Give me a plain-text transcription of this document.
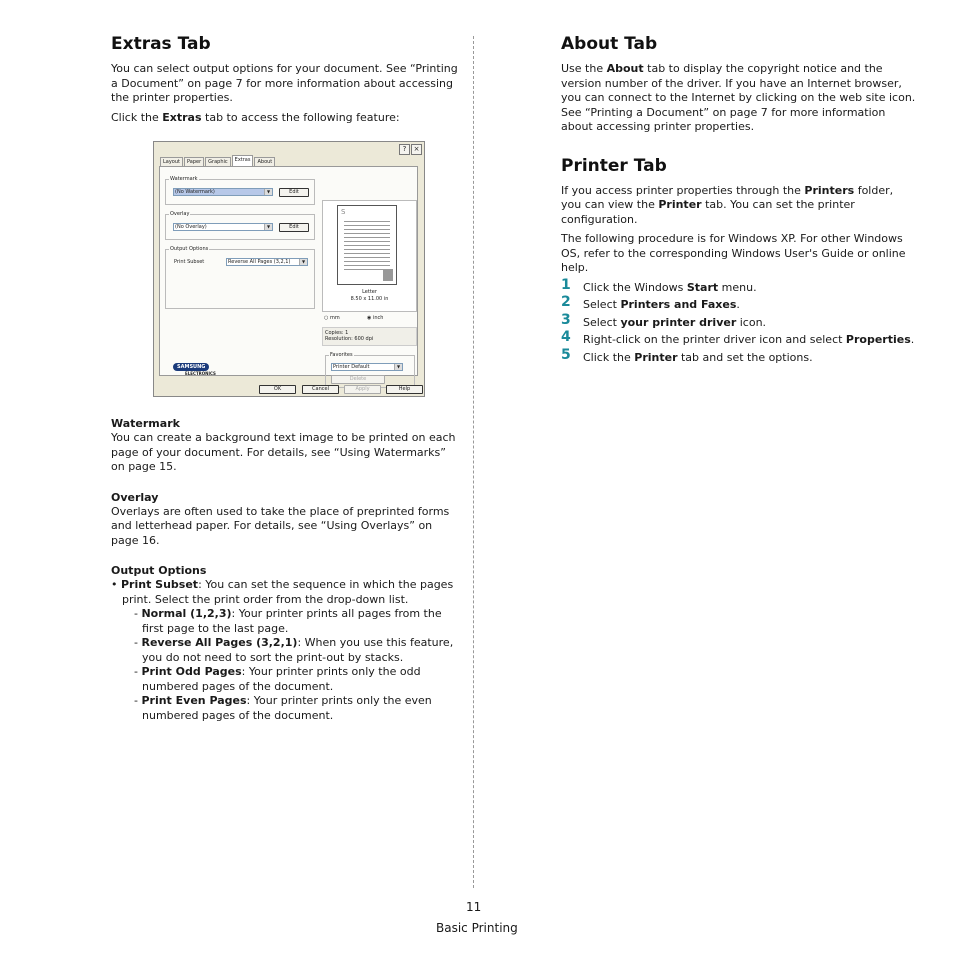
Extras Tab

You can select output options for your document. See “Printing a Document” on page 7 for more information about accessing the printer properties.

Click the Extras tab to access the following feature:

? ×
Layout Paper Graphic Extras About
Watermark
(No Watermark)	▼	Edit
Overlay
(No Overlay)	▼	Edit
Output Options
Print Subset	Reverse All Pages (3,2,1)	▼
S
Letter
8.50 x 11.00 in
○ mm	◉ inch
Copies: 1
Resolution: 600 dpi
Favorites
Printer Default	▼
Delete
SAMSUNG
ELECTRONICS
OK	Cancel	Apply	Help
Watermark

You can create a background text image to be printed on each page of your document. For details, see “Using Watermarks” on page 15.

Overlay

Overlays are often used to take the place of preprinted forms and letterhead paper. For details, see “Using Overlays” on page 16.

Output Options
• Print Subset: You can set the sequence in which the pages print. Select the print order from the drop-down list.
- Normal (1,2,3): Your printer prints all pages from the first page to the last page.
- Reverse All Pages (3,2,1): When you use this feature, you do not need to sort the print-out by stacks.
- Print Odd Pages: Your printer prints only the odd numbered pages of the document.
- Print Even Pages: Your printer prints only the even numbered pages of the document.
About Tab

Use the About tab to display the copyright notice and the version number of the driver. If you have an Internet browser, you can connect to the Internet by clicking on the web site icon. See “Printing a Document” on page 7 for more information about accessing printer properties.

Printer Tab

If you access printer properties through the Printers folder, you can view the Printer tab. You can set the printer configuration.

The following procedure is for Windows XP. For other Windows OS, refer to the corresponding Windows User's Guide or online help.

1 Click the Windows Start menu.
2 Select Printers and Faxes.
3 Select your printer driver icon.
4 Right-click on the printer driver icon and select Properties.
5 Click the Printer tab and set the options.
11
Basic Printing
